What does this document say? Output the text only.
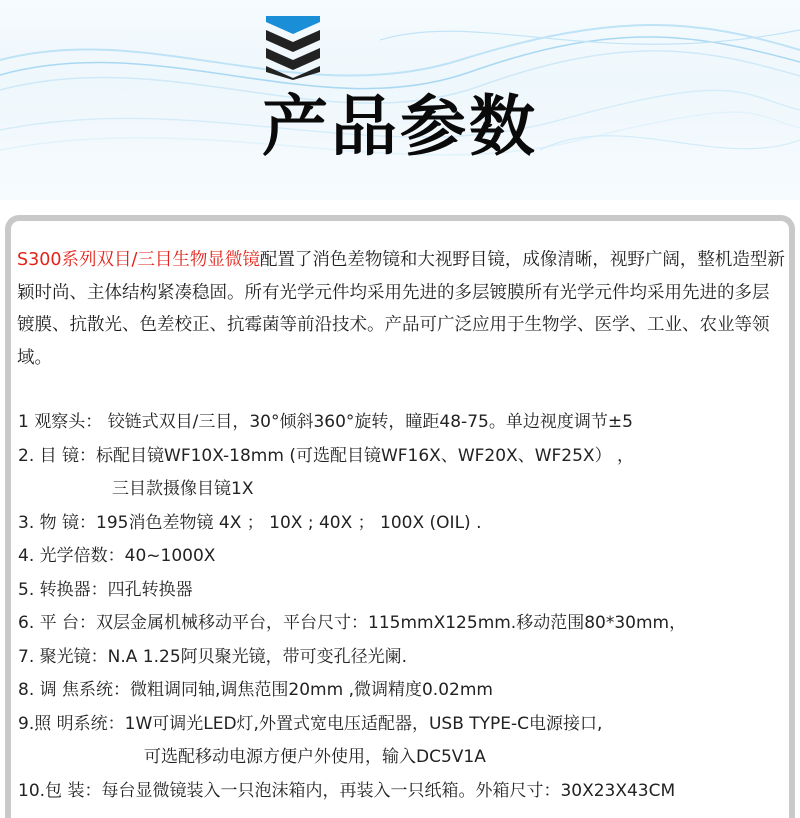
产品参数
S300系列双目/三目生物显微镜配置了消色差物镜和大视野目镜，成像清晰，视野广阔，整机造型新颖时尚、主体结构紧凑稳固。所有光学元件均采用先进的多层镀膜所有光学元件均采用先进的多层镀膜、抗散光、色差校正、抗霉菌等前沿技术。产品可广泛应用于生物学、医学、工业、农业等领域。
1 观察头： 铰链式双目/三目，30°倾斜360°旋转，瞳距48-75。单边视度调节±5
2. 目 镜：标配目镜WF10X-18mm (可选配目镜WF16X、WF20X、WF25X） ，
三目款摄像目镜1X
3. 物 镜：195消色差物镜 4X ； 10X ; 40X ； 100X (OIL) .
4. 光学倍数：40~1000X
5. 转换器：四孔转换器
6. 平 台：双层金属机械移动平台，平台尺寸：115mmX125mm.移动范围80*30mm，
7. 聚光镜：N.A 1.25阿贝聚光镜，带可变孔径光阑.
8. 调 焦系统：微粗调同轴,调焦范围20mm ,微调精度0.02mm
9.照 明系统：1W可调光LED灯,外置式宽电压适配器，USB TYPE-C电源接口,
可选配移动电源方便户外使用，输入DC5V1A
10.包 装：每台显微镜装入一只泡沫箱内，再装入一只纸箱。外箱尺寸：30X23X43CM
